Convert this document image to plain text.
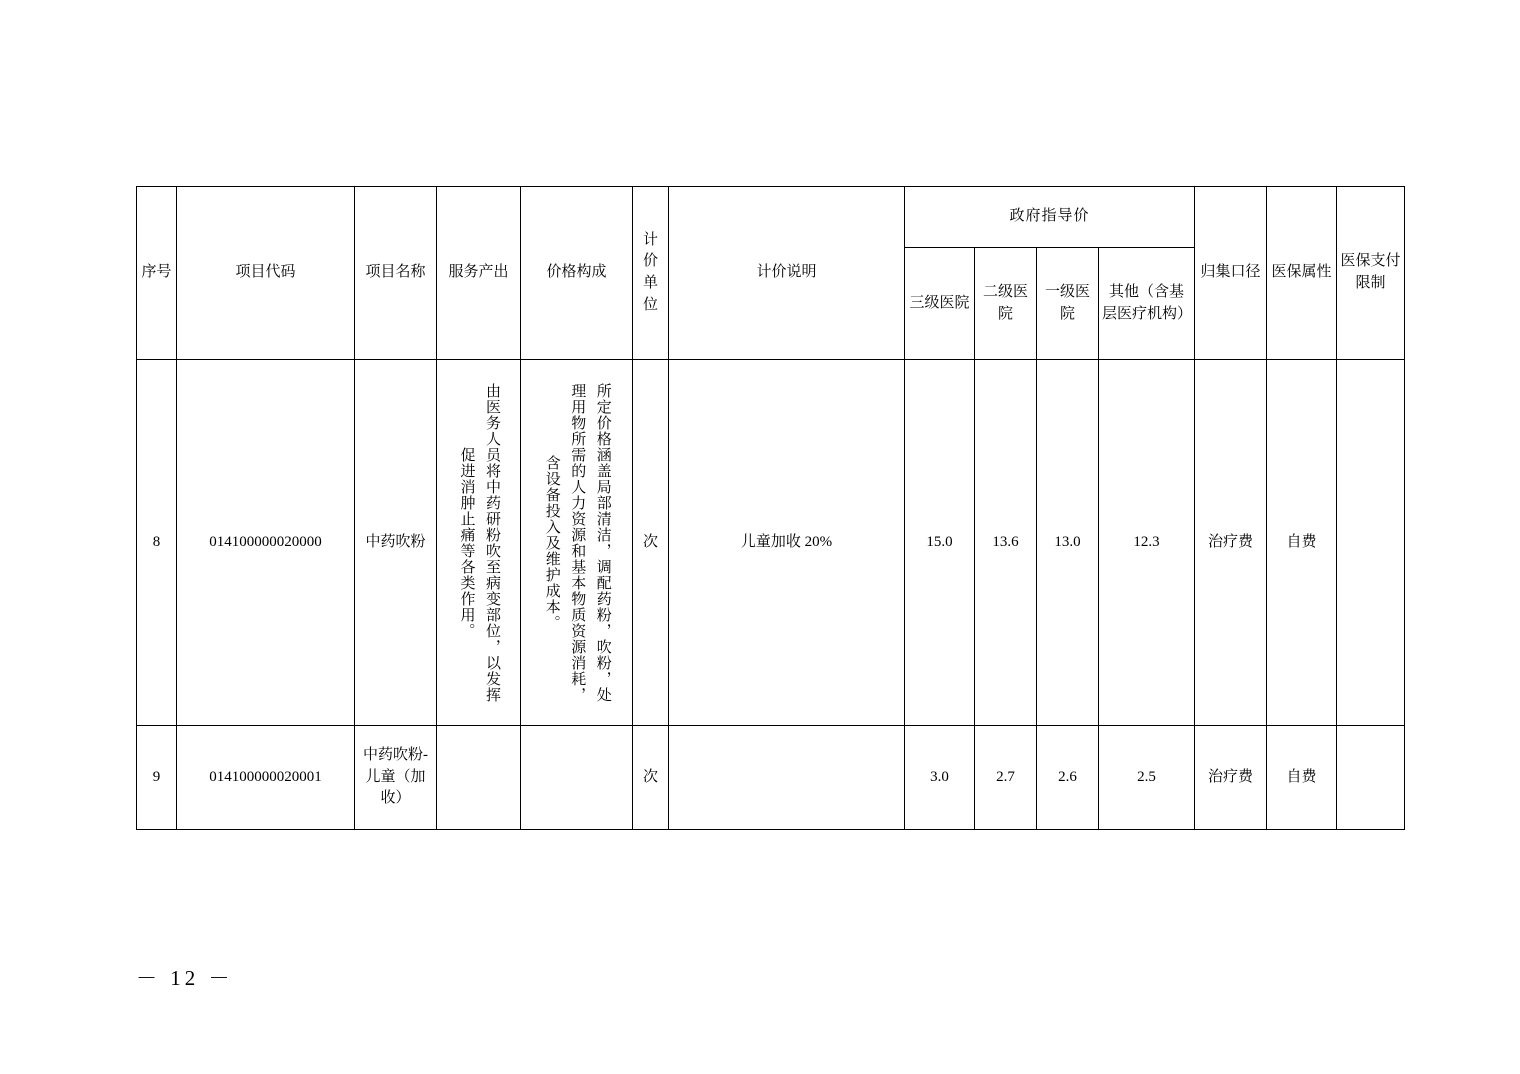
序号	项目代码	项目名称	服务产出	价格构成	计价单位	计价说明	政府指导价				归集口径	医保属性	医保支付限制
							三级医院	二级医院	一级医院	其他（含基层医疗机构）			
8	014100000020000	中药吹粉	由医务人员将中药研粉吹至病变部位，以发挥促进消肿止痛等各类作用。	所定价格涵盖局部清洁，调配药粉，吹粉，处理用物所需的人力资源和基本物质资源消耗，含设备投入及维护成本。	次	儿童加收 20%	15.0	13.6	13.0	12.3	治疗费	自费	
9	014100000020001	中药吹粉-儿童（加收）			次		3.0	2.7	2.6	2.5	治疗费	自费	
－ 12 －
